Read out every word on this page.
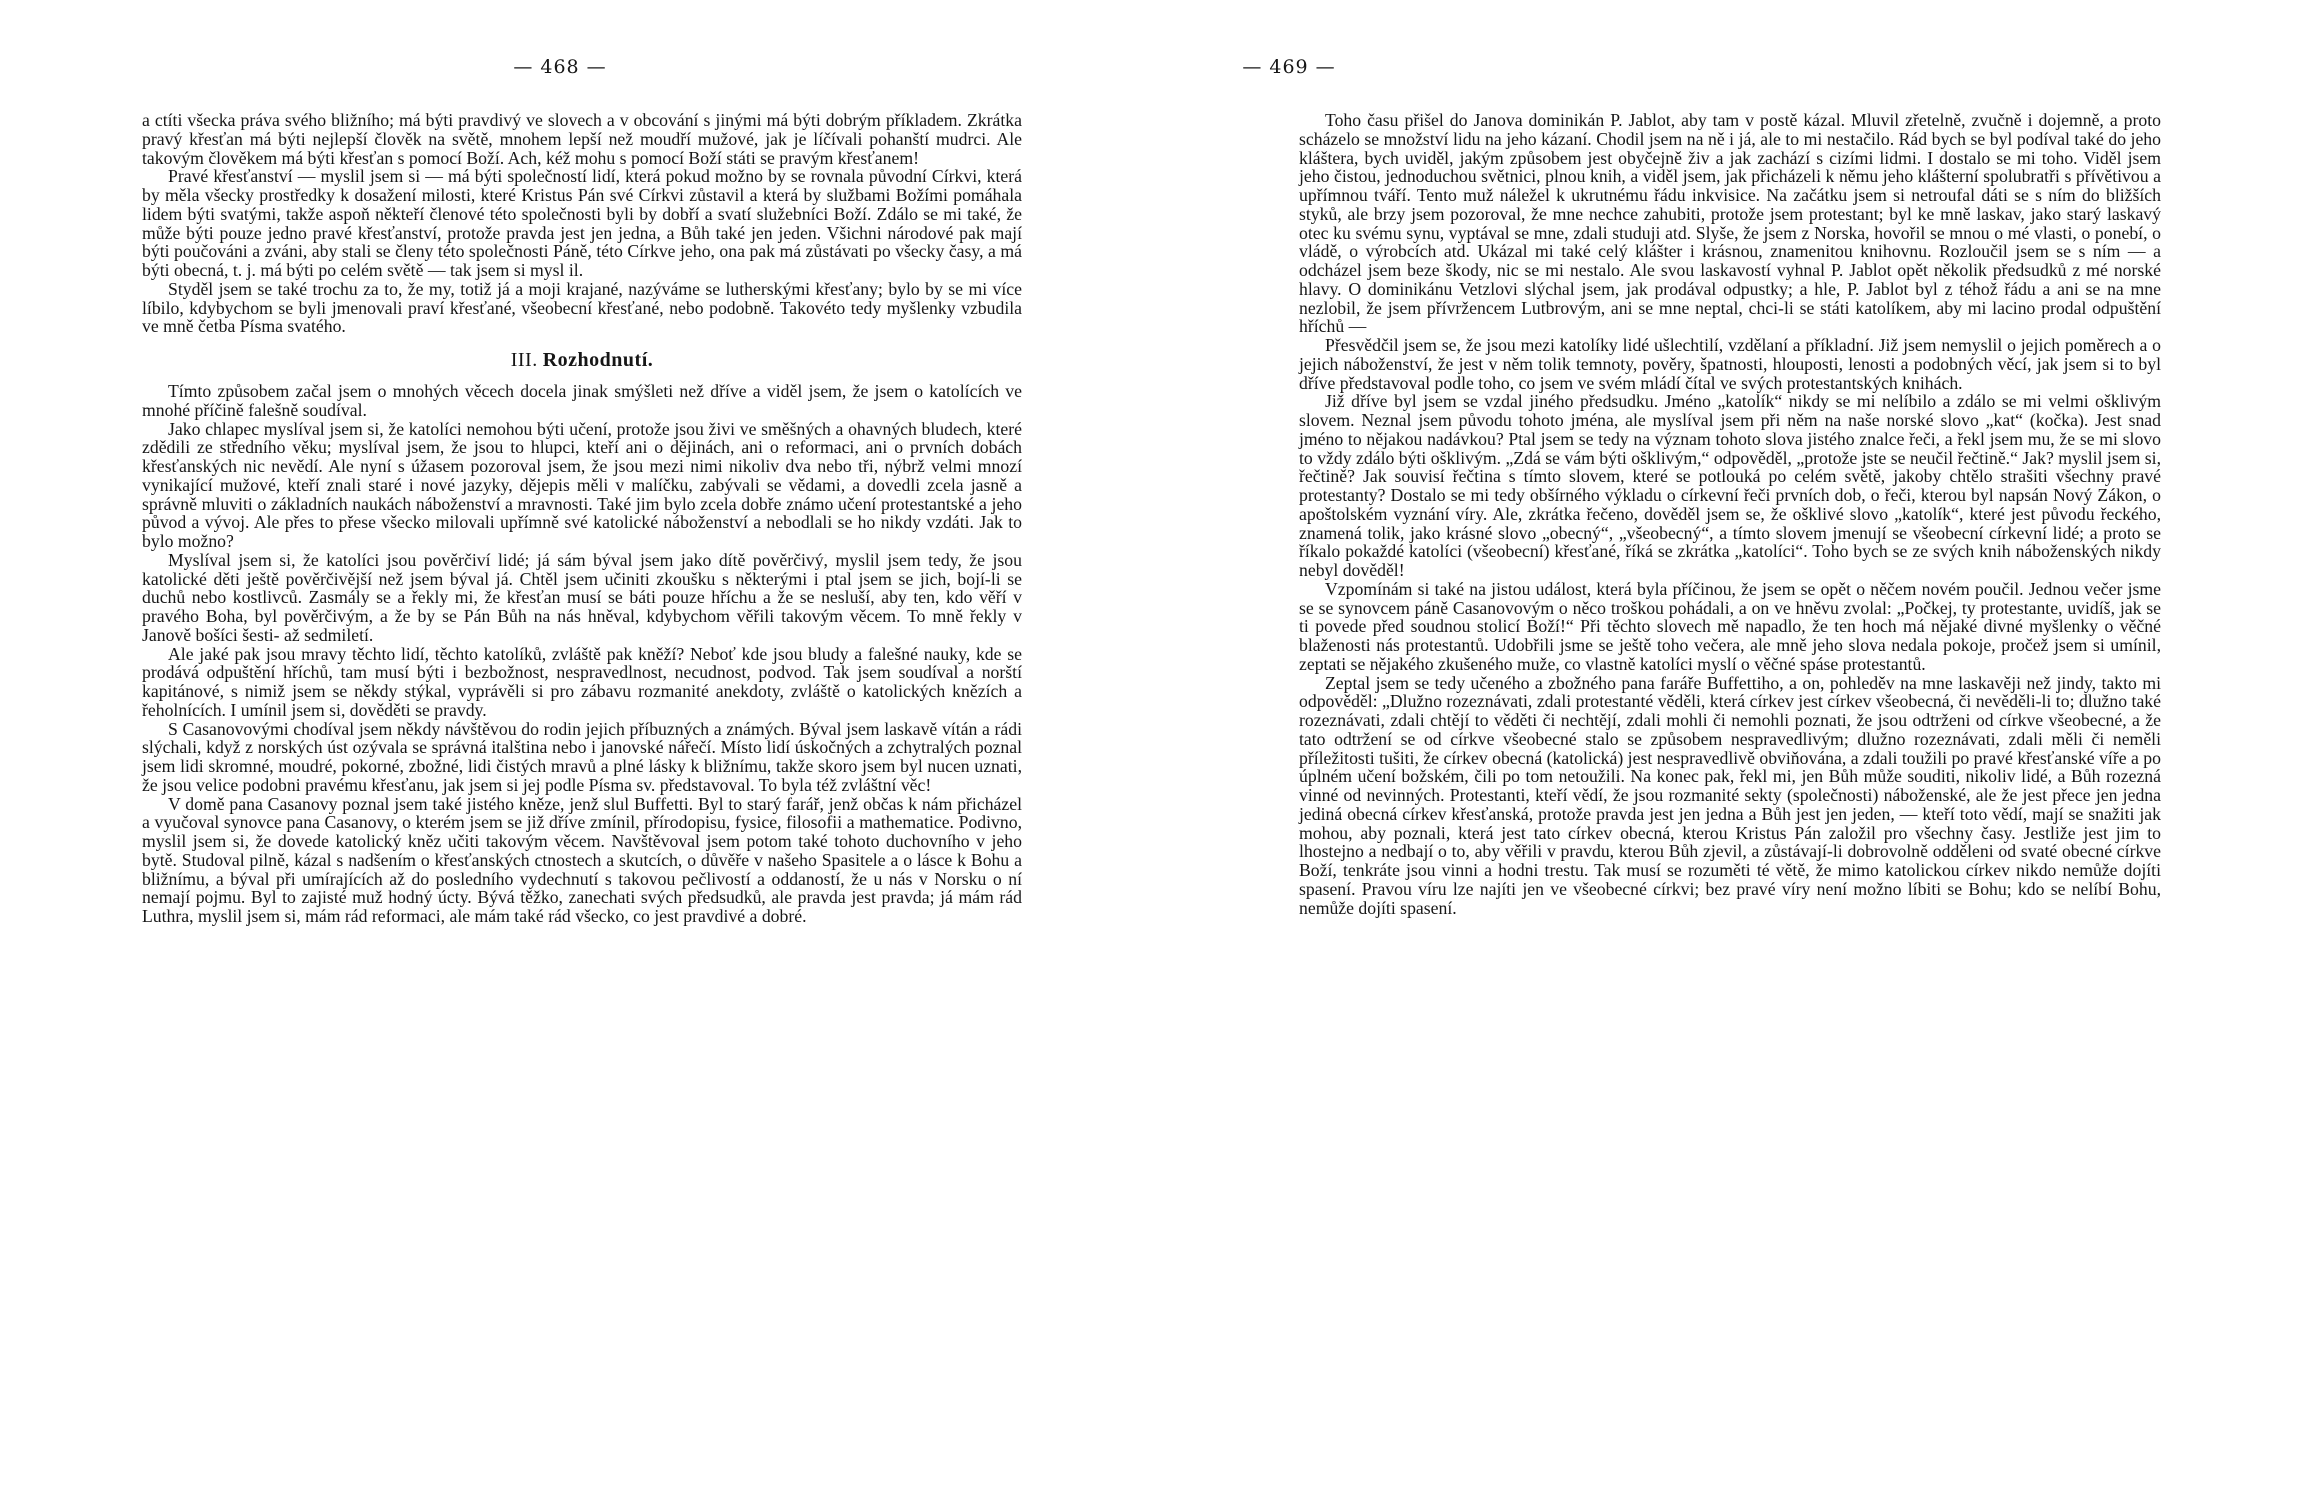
— 468 —

a ctíti všecka práva svého bližního; má býti pravdivý ve slovech a v obcování s jinými má býti dobrým příkladem. Zkrátka pravý křesťan má býti nejlepší člověk na světě, mnohem lepší než moudří mužové, jak je líčívali pohanští mudrci. Ale takovým člověkem má býti křesťan s pomocí Boží. Ach, kéž mohu s pomocí Boží státi se pravým křesťanem!

Pravé křesťanství — myslil jsem si — má býti společností lidí, která pokud možno by se rovnala původní Církvi, která by měla všecky prostředky k dosažení milosti, které Kristus Pán své Církvi zůstavil a která by službami Božími pomáhala lidem býti svatými, takže aspoň někteří členové této společnosti byli by dobří a svatí služebníci Boží. Zdálo se mi také, že může býti pouze jedno pravé křesťanství, protože pravda jest jen jedna, a Bůh také jen jeden. Všichni národové pak mají býti poučováni a zváni, aby stali se členy této společnosti Páně, této Církve jeho, ona pak má zůstávati po všecky časy, a má býti obecná, t. j. má býti po celém světě — tak jsem si mysl il.

Styděl jsem se také trochu za to, že my, totiž já a moji krajané, nazýváme se lutherskými křesťany; bylo by se mi více líbilo, kdybychom se byli jmenovali praví křesťané, všeobecní křesťané, nebo podobně. Takovéto tedy myšlenky vzbudila ve mně četba Písma svatého.

III. Rozhodnutí.

Tímto způsobem začal jsem o mnohých věcech docela jinak smýšleti než dříve a viděl jsem, že jsem o katolících ve mnohé příčině falešně soudíval.

Jako chlapec myslíval jsem si, že katolíci nemohou býti učení, protože jsou živi ve směšných a ohavných bludech, které zdědili ze středního věku; myslíval jsem, že jsou to hlupci, kteří ani o dějinách, ani o reformaci, ani o prvních dobách křesťanských nic nevědí. Ale nyní s úžasem pozoroval jsem, že jsou mezi nimi nikoliv dva nebo tři, nýbrž velmi mnozí vynikající mužové, kteří znali staré i nové jazyky, dějepis měli v malíčku, zabývali se vědami, a dovedli zcela jasně a správně mluviti o základních naukách náboženství a mravnosti. Také jim bylo zcela dobře známo učení protestantské a jeho původ a vývoj. Ale přes to přese všecko milovali upřímně své katolické náboženství a nebodlali se ho nikdy vzdáti. Jak to bylo možno?

Myslíval jsem si, že katolíci jsou pověrčiví lidé; já sám býval jsem jako dítě pověrčivý, myslil jsem tedy, že jsou katolické děti ještě pověrčivější než jsem býval já. Chtěl jsem učiniti zkoušku s některými i ptal jsem se jich, bojí-li se duchů nebo kostlivců. Zasmály se a řekly mi, že křesťan musí se báti pouze hříchu a že se nesluší, aby ten, kdo věří v pravého Boha, byl pověrčivým, a že by se Pán Bůh na nás hněval, kdybychom věřili takovým věcem. To mně řekly v Janově bošíci šesti- až sedmiletí.

Ale jaké pak jsou mravy těchto lidí, těchto katolíků, zvláště pak kněží? Neboť kde jsou bludy a falešné nauky, kde se prodává odpuštění hříchů, tam musí býti i bezbožnost, nespravedlnost, necudnost, podvod. Tak jsem soudíval a norští kapitánové, s nimiž jsem se někdy stýkal, vyprávěli si pro zábavu rozmanité anekdoty, zvláště o katolických knězích a řeholnících. I umínil jsem si, dověděti se pravdy.

S Casanovovými chodíval jsem někdy návštěvou do rodin jejich příbuzných a známých. Býval jsem laskavě vítán a rádi slýchali, když z norských úst ozývala se správná italština nebo i janovské nářečí. Místo lidí úskočných a zchytralých poznal jsem lidi skromné, moudré, pokorné, zbožné, lidi čistých mravů a plné lásky k bližnímu, takže skoro jsem byl nucen uznati, že jsou velice podobni pravému křesťanu, jak jsem si jej podle Písma sv. představoval. To byla též zvláštní věc!

V domě pana Casanovy poznal jsem také jistého kněze, jenž slul Buffetti. Byl to starý farář, jenž občas k nám přicházel a vyučoval synovce pana Casanovy, o kterém jsem se již dříve zmínil, přírodopisu, fysice, filosofii a mathematice. Podivno, myslil jsem si, že dovede katolický kněz učiti takovým věcem. Navštěvoval jsem potom také tohoto duchovního v jeho bytě. Studoval pilně, kázal s nadšením o křesťanských ctnostech a skutcích, o důvěře v našeho Spasitele a o lásce k Bohu a bližnímu, a býval při umírajících až do posledního vydechnutí s takovou pečlivostí a oddaností, že u nás v Norsku o ní nemají pojmu. Byl to zajisté muž hodný úcty. Bývá těžko, zanechati svých předsudků, ale pravda jest pravda; já mám rád Luthra, myslil jsem si, mám rád reformaci, ale mám také rád všecko, co jest pravdivé a dobré.

— 469 —

Toho času přišel do Janova dominikán P. Jablot, aby tam v postě kázal. Mluvil zřetelně, zvučně i dojemně, a proto scházelo se množství lidu na jeho kázaní. Chodil jsem na ně i já, ale to mi nestačilo. Rád bych se byl podíval také do jeho kláštera, bych uviděl, jakým způsobem jest obyčejně živ a jak zachází s cizími lidmi. I dostalo se mi toho. Viděl jsem jeho čistou, jednoduchou světnici, plnou knih, a viděl jsem, jak přicházeli k němu jeho klášterní spolubratři s přívětivou a upřímnou tváří. Tento muž náležel k ukrutnému řádu inkvisice. Na začátku jsem si netroufal dáti se s ním do bližších styků, ale brzy jsem pozoroval, že mne nechce zahubiti, protože jsem protestant; byl ke mně laskav, jako starý laskavý otec ku svému synu, vyptával se mne, zdali studuji atd. Slyše, že jsem z Norska, hovořil se mnou o mé vlasti, o ponebí, o vládě, o výrobcích atd. Ukázal mi také celý klášter i krásnou, znamenitou knihovnu. Rozloučil jsem se s ním — a odcházel jsem beze škody, nic se mi nestalo. Ale svou laskavostí vyhnal P. Jablot opět několik předsudků z mé norské hlavy. O dominikánu Vetzlovi slýchal jsem, jak prodával odpustky; a hle, P. Jablot byl z téhož řádu a ani se na mne nezlobil, že jsem přívržencem Lutbrovým, ani se mne neptal, chci-li se státi katolíkem, aby mi lacino prodal odpuštění hříchů —

Přesvědčil jsem se, že jsou mezi katolíky lidé ušlechtilí, vzdělaní a příkladní. Již jsem nemyslil o jejich poměrech a o jejich náboženství, že jest v něm tolik temnoty, pověry, špatnosti, hlouposti, lenosti a podobných věcí, jak jsem si to byl dříve představoval podle toho, co jsem ve svém mládí čítal ve svých protestantských knihách.

Již dříve byl jsem se vzdal jiného předsudku. Jméno „katolík“ nikdy se mi nelíbilo a zdálo se mi velmi ošklivým slovem. Neznal jsem původu tohoto jména, ale myslíval jsem při něm na naše norské slovo „kat“ (kočka). Jest snad jméno to nějakou nadávkou? Ptal jsem se tedy na význam tohoto slova jistého znalce řeči, a řekl jsem mu, že se mi slovo to vždy zdálo býti ošklivým. „Zdá se vám býti ošklivým,“ odpověděl, „protože jste se neučil řečtině.“ Jak? myslil jsem si, řečtině? Jak souvisí řečtina s tímto slovem, které se potlouká po celém světě, jakoby chtělo strašiti všechny pravé protestanty? Dostalo se mi tedy obšírného výkladu o církevní řeči prvních dob, o řeči, kterou byl napsán Nový Zákon, o apoštolském vyznání víry. Ale, zkrátka řečeno, dověděl jsem se, že ošklivé slovo „katolík“, které jest původu řeckého, znamená tolik, jako krásné slovo „obecný“, „všeobecný“, a tímto slovem jmenují se všeobecní církevní lidé; a proto se říkalo pokaždé katolíci (všeobecní) křesťané, říká se zkrátka „katolíci“. Toho bych se ze svých knih náboženských nikdy nebyl dověděl!

Vzpomínám si také na jistou událost, která byla příčinou, že jsem se opět o něčem novém poučil. Jednou večer jsme se se synovcem páně Casanovovým o něco troškou pohádali, a on ve hněvu zvolal: „Počkej, ty protestante, uvidíš, jak se ti povede před soudnou stolicí Boží!“ Při těchto slovech mě napadlo, že ten hoch má nějaké divné myšlenky o věčné blaženosti nás protestantů. Udobřili jsme se ještě toho večera, ale mně jeho slova nedala pokoje, pročež jsem si umínil, zeptati se nějakého zkušeného muže, co vlastně katolíci myslí o věčné spáse protestantů.

Zeptal jsem se tedy učeného a zbožného pana faráře Buffettiho, a on, pohleděv na mne laskavěji než jindy, takto mi odpověděl: „Dlužno rozeznávati, zdali protestanté věděli, která církev jest církev všeobecná, či nevěděli-li to; dlužno také rozeznávati, zdali chtějí to věděti či nechtějí, zdali mohli či nemohli poznati, že jsou odtrženi od církve všeobecné, a že tato odtržení se od církve všeobecné stalo se způsobem nespravedlivým; dlužno rozeznávati, zdali měli či neměli příležitosti tušiti, že církev obecná (katolická) jest nespravedlivě obviňována, a zdali toužili po pravé křesťanské víře a po úplném učení božském, čili po tom netoužili. Na konec pak, řekl mi, jen Bůh může souditi, nikoliv lidé, a Bůh rozezná vinné od nevinných. Protestanti, kteří vědí, že jsou rozmanité sekty (společnosti) náboženské, ale že jest přece jen jedna jediná obecná církev křesťanská, protože pravda jest jen jedna a Bůh jest jen jeden, — kteří toto vědí, mají se snažiti jak mohou, aby poznali, která jest tato církev obecná, kterou Kristus Pán založil pro všechny časy. Jestliže jest jim to lhostejno a nedbají o to, aby věřili v pravdu, kterou Bůh zjevil, a zůstávají-li dobrovolně odděleni od svaté obecné církve Boží, tenkráte jsou vinni a hodni trestu. Tak musí se rozuměti té větě, že mimo katolickou církev nikdo nemůže dojíti spasení. Pravou víru lze najíti jen ve všeobecné církvi; bez pravé víry není možno líbiti se Bohu; kdo se nelíbí Bohu, nemůže dojíti spasení.
